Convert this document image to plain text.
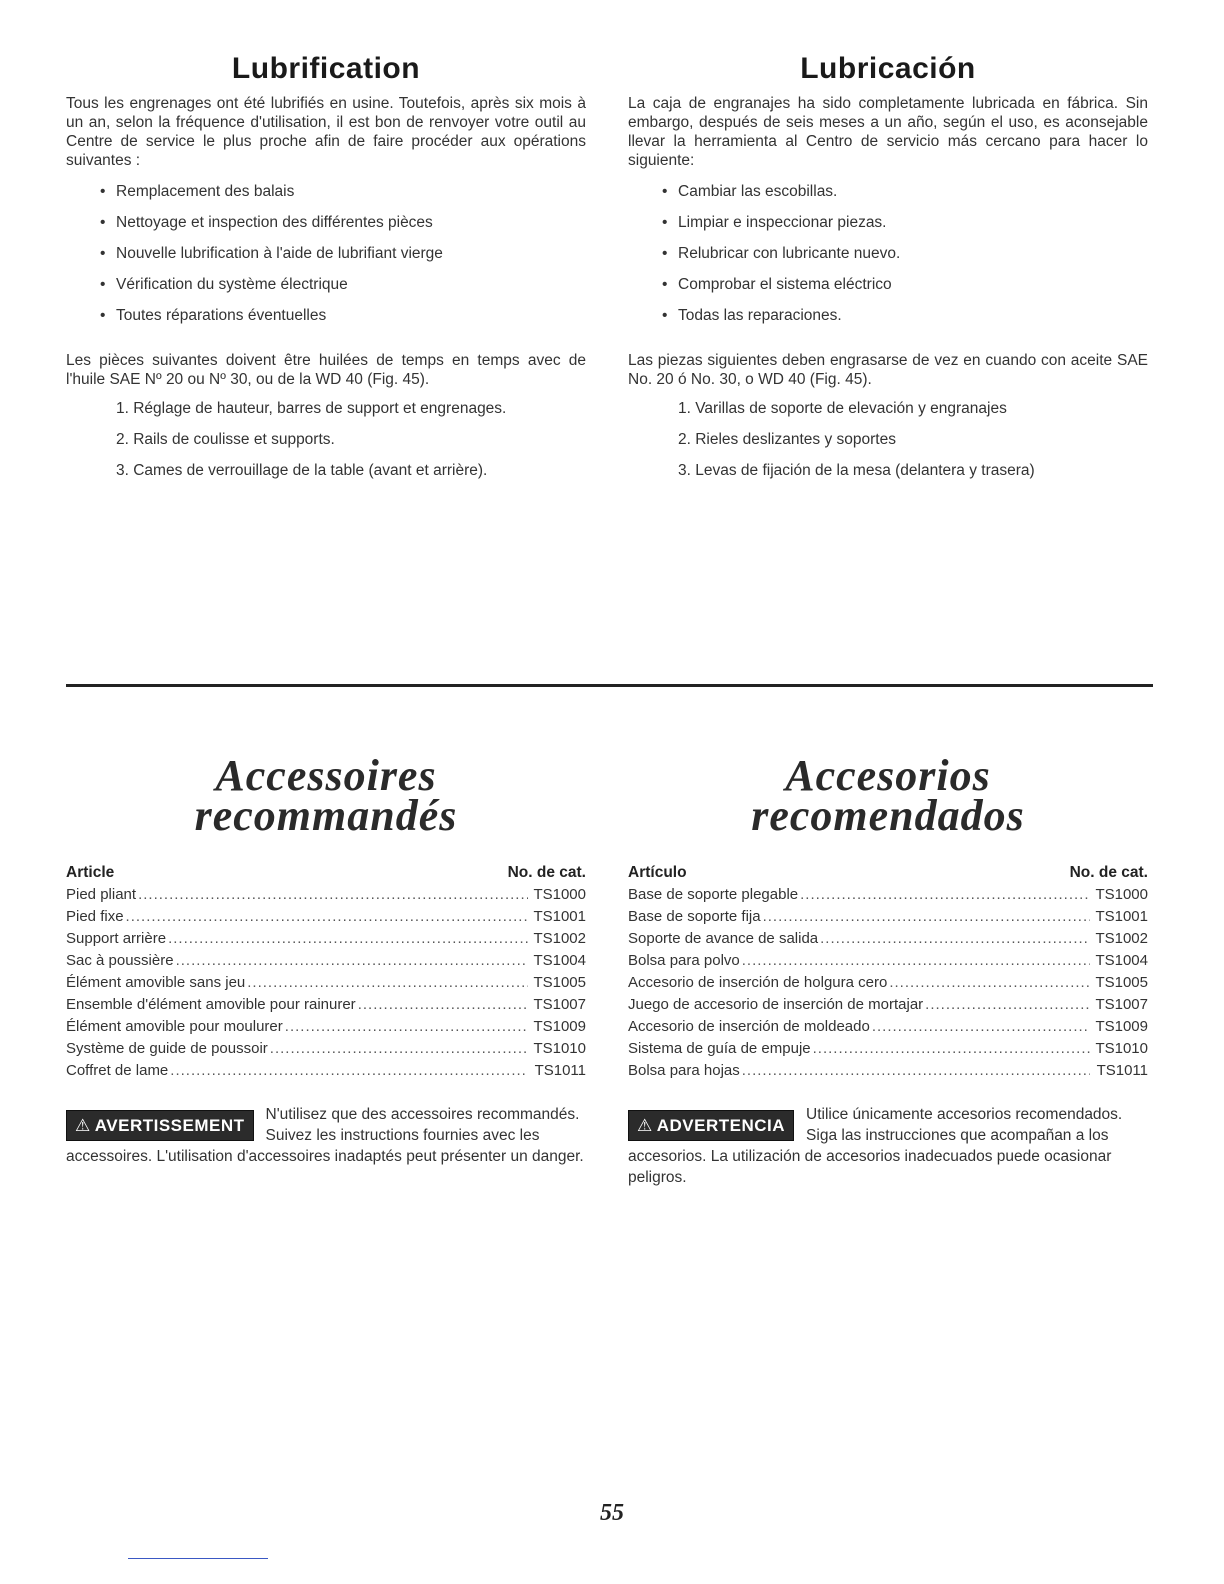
Lubrification

Tous les engrenages ont été lubrifiés en usine. Toutefois, après six mois à un an, selon la fréquence d'utilisation, il est bon de renvoyer votre outil au Centre de service le plus proche afin de faire procéder aux opérations suivantes :

• Remplacement des balais
• Nettoyage et inspection des différentes pièces
• Nouvelle lubrification à l'aide de lubrifiant vierge
• Vérification du système électrique
• Toutes réparations éventuelles

Les pièces suivantes doivent être huilées de temps en temps avec de l'huile SAE Nº 20 ou Nº 30, ou de la WD 40 (Fig. 45).

1. Réglage de hauteur, barres de support et engrenages.
2. Rails de coulisse et supports.
3. Cames de verrouillage de la table (avant et arrière).
Lubricación

La caja de engranajes ha sido completamente lubricada en fábrica. Sin embargo, después de seis meses a un año, según el uso, es aconsejable llevar la herramienta al Centro de servicio más cercano para hacer lo siguiente:

• Cambiar las escobillas.
• Limpiar e inspeccionar piezas.
• Relubricar con lubricante nuevo.
• Comprobar el sistema eléctrico
• Todas las reparaciones.

Las piezas siguientes deben engrasarse de vez en cuando con aceite SAE No. 20 ó No. 30, o WD 40 (Fig. 45).

1. Varillas de soporte de elevación y engranajes
2. Rieles deslizantes y soportes
3. Levas de fijación de la mesa (delantera y trasera)
Accessoires
recommandés
Article	No. de cat.
Pied pliant .....	TS1000
Pied fixe .....	TS1001
Support arrière .....	TS1002
Sac à poussière .....	TS1004
Élément amovible sans jeu .....	TS1005
Ensemble d'élément amovible pour rainurer .....	TS1007
Élément amovible pour moulurer .....	TS1009
Système de guide de poussoir .....	TS1010
Coffret de lame .....	TS1011
⚠ AVERTISSEMENT
N'utilisez que des accessoires recommandés. Suivez les instructions fournies avec les accessoires. L'utilisation d'accessoires inadaptés peut présenter un danger.
Accesorios
recomendados
Artículo	No. de cat.
Base de soporte plegable .....	TS1000
Base de soporte fija .....	TS1001
Soporte de avance de salida .....	TS1002
Bolsa para polvo .....	TS1004
Accesorio de inserción de holgura cero .....	TS1005
Juego de accesorio de inserción de mortajar .....	TS1007
Accesorio de inserción de moldeado .....	TS1009
Sistema de guía de empuje .....	TS1010
Bolsa para hojas .....	TS1011
⚠ ADVERTENCIA
Utilice únicamente accesorios recomendados. Siga las instrucciones que acompañan a los accesorios. La utilización de accesorios inadecuados puede ocasionar peligros.
55
